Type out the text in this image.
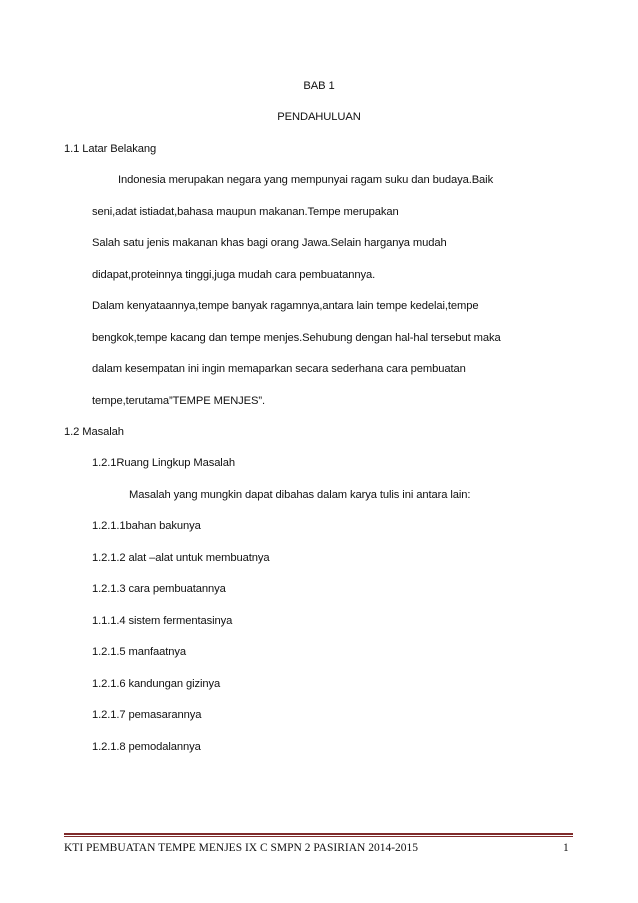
BAB 1
PENDAHULUAN
1.1 Latar Belakang
Indonesia merupakan negara yang mempunyai ragam suku dan budaya.Baik
seni,adat istiadat,bahasa maupun makanan.Tempe merupakan
Salah satu jenis makanan khas bagi orang Jawa.Selain harganya mudah
didapat,proteinnya tinggi,juga mudah cara pembuatannya.
Dalam kenyataannya,tempe banyak ragamnya,antara lain tempe kedelai,tempe
bengkok,tempe kacang dan tempe menjes.Sehubung dengan hal-hal tersebut maka
dalam kesempatan ini ingin memaparkan secara sederhana cara pembuatan
tempe,terutama”TEMPE MENJES”.
1.2 Masalah
1.2.1Ruang Lingkup Masalah
Masalah yang mungkin dapat dibahas dalam karya tulis ini antara lain:
1.2.1.1bahan bakunya
1.2.1.2 alat –alat untuk membuatnya
1.2.1.3 cara pembuatannya
1.1.1.4 sistem fermentasinya
1.2.1.5 manfaatnya
1.2.1.6 kandungan gizinya
1.2.1.7 pemasarannya
1.2.1.8 pemodalannya
KTI PEMBUATAN TEMPE MENJES IX C SMPN 2 PASIRIAN 2014-2015	1
